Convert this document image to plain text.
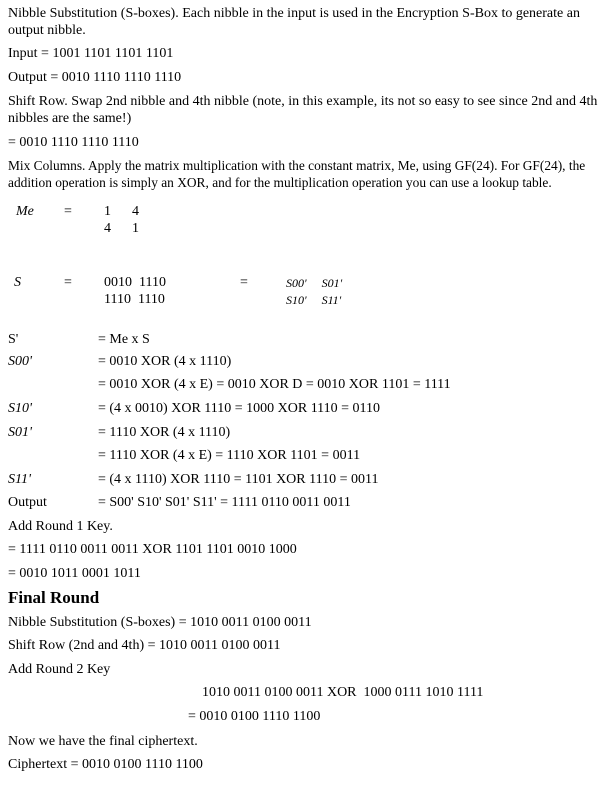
Nibble Substitution (S-boxes). Each nibble in the input is used in the Encryption S-Box to generate an output nibble.
Input = 1001 1101 1101 1101
Output = 0010 1110 1110 1110
Shift Row. Swap 2nd nibble and 4th nibble (note, in this example, its not so easy to see since 2nd and 4th nibbles are the same!)
= 0010 1110 1110 1110
Mix Columns. Apply the matrix multiplication with the constant matrix, Me, using GF(24). For GF(24), the addition operation is simply an XOR, and for the multiplication operation you can use a lookup table.
Me = 1      4
4      1
S	= 0010  1110
1110  1110
=	S00'     S01'
S10'     S11'
S'	= Me x S
S00'	= 0010 XOR (4 x 1110)
= 0010 XOR (4 x E) = 0010 XOR D = 0010 XOR 1101 = 1111
S10'	= (4 x 0010) XOR 1110 = 1000 XOR 1110 = 0110
S01'	= 1110 XOR (4 x 1110)
= 1110 XOR (4 x E) = 1110 XOR 1101 = 0011
S11'	= (4 x 1110) XOR 1110 = 1101 XOR 1110 = 0011
Output	= S00' S10' S01' S11' = 1111 0110 0011 0011
Add Round 1 Key.
= 1111 0110 0011 0011 XOR 1101 1101 0010 1000
= 0010 1011 0001 1011
Final Round
Nibble Substitution (S-boxes) = 1010 0011 0100 0011
Shift Row (2nd and 4th) = 1010 0011 0100 0011
Add Round 2 Key
1010 0011 0100 0011 XOR  1000 0111 1010 1111
= 0010 0100 1110 1100
Now we have the final ciphertext.
Ciphertext = 0010 0100 1110 1100
